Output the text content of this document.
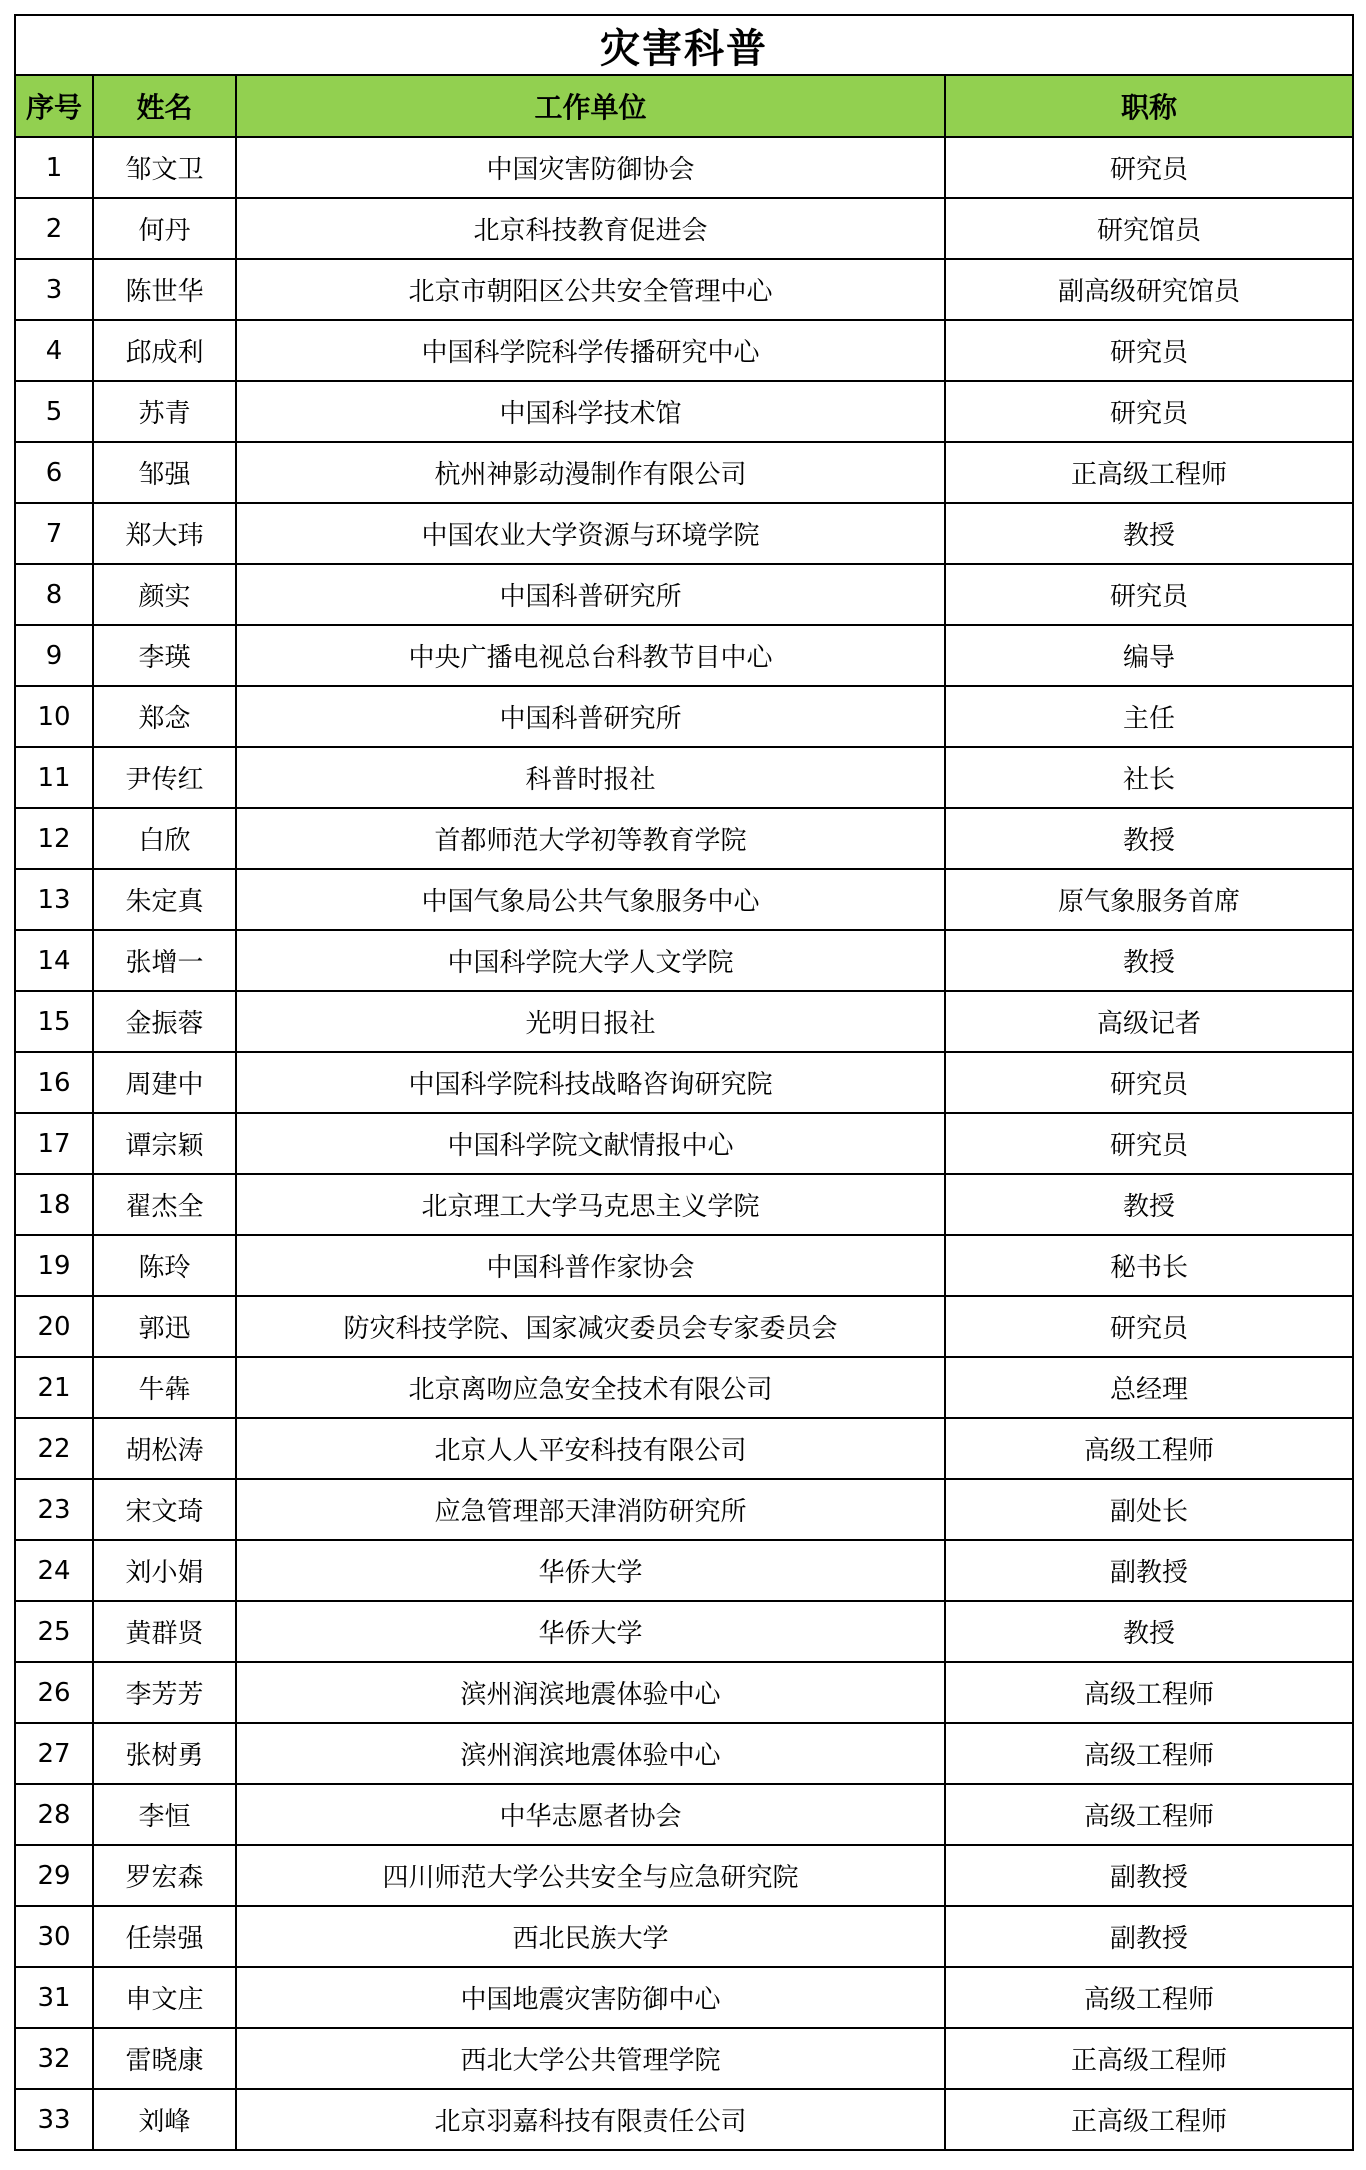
灾害科普			
序号	姓名	工作单位	职称
1	邹文卫	中国灾害防御协会	研究员
2	何丹	北京科技教育促进会	研究馆员
3	陈世华	北京市朝阳区公共安全管理中心	副高级研究馆员
4	邱成利	中国科学院科学传播研究中心	研究员
5	苏青	中国科学技术馆	研究员
6	邹强	杭州神影动漫制作有限公司	正高级工程师
7	郑大玮	中国农业大学资源与环境学院	教授
8	颜实	中国科普研究所	研究员
9	李瑛	中央广播电视总台科教节目中心	编导
10	郑念	中国科普研究所	主任
11	尹传红	科普时报社	社长
12	白欣	首都师范大学初等教育学院	教授
13	朱定真	中国气象局公共气象服务中心	原气象服务首席
14	张增一	中国科学院大学人文学院	教授
15	金振蓉	光明日报社	高级记者
16	周建中	中国科学院科技战略咨询研究院	研究员
17	谭宗颖	中国科学院文献情报中心	研究员
18	翟杰全	北京理工大学马克思主义学院	教授
19	陈玲	中国科普作家协会	秘书长
20	郭迅	防灾科技学院、国家减灾委员会专家委员会	研究员
21	牛犇	北京离吻应急安全技术有限公司	总经理
22	胡松涛	北京人人平安科技有限公司	高级工程师
23	宋文琦	应急管理部天津消防研究所	副处长
24	刘小娟	华侨大学	副教授
25	黄群贤	华侨大学	教授
26	李芳芳	滨州润滨地震体验中心	高级工程师
27	张树勇	滨州润滨地震体验中心	高级工程师
28	李恒	中华志愿者协会	高级工程师
29	罗宏森	四川师范大学公共安全与应急研究院	副教授
30	任崇强	西北民族大学	副教授
31	申文庄	中国地震灾害防御中心	高级工程师
32	雷晓康	西北大学公共管理学院	正高级工程师
33	刘峰	北京羽嘉科技有限责任公司	正高级工程师
